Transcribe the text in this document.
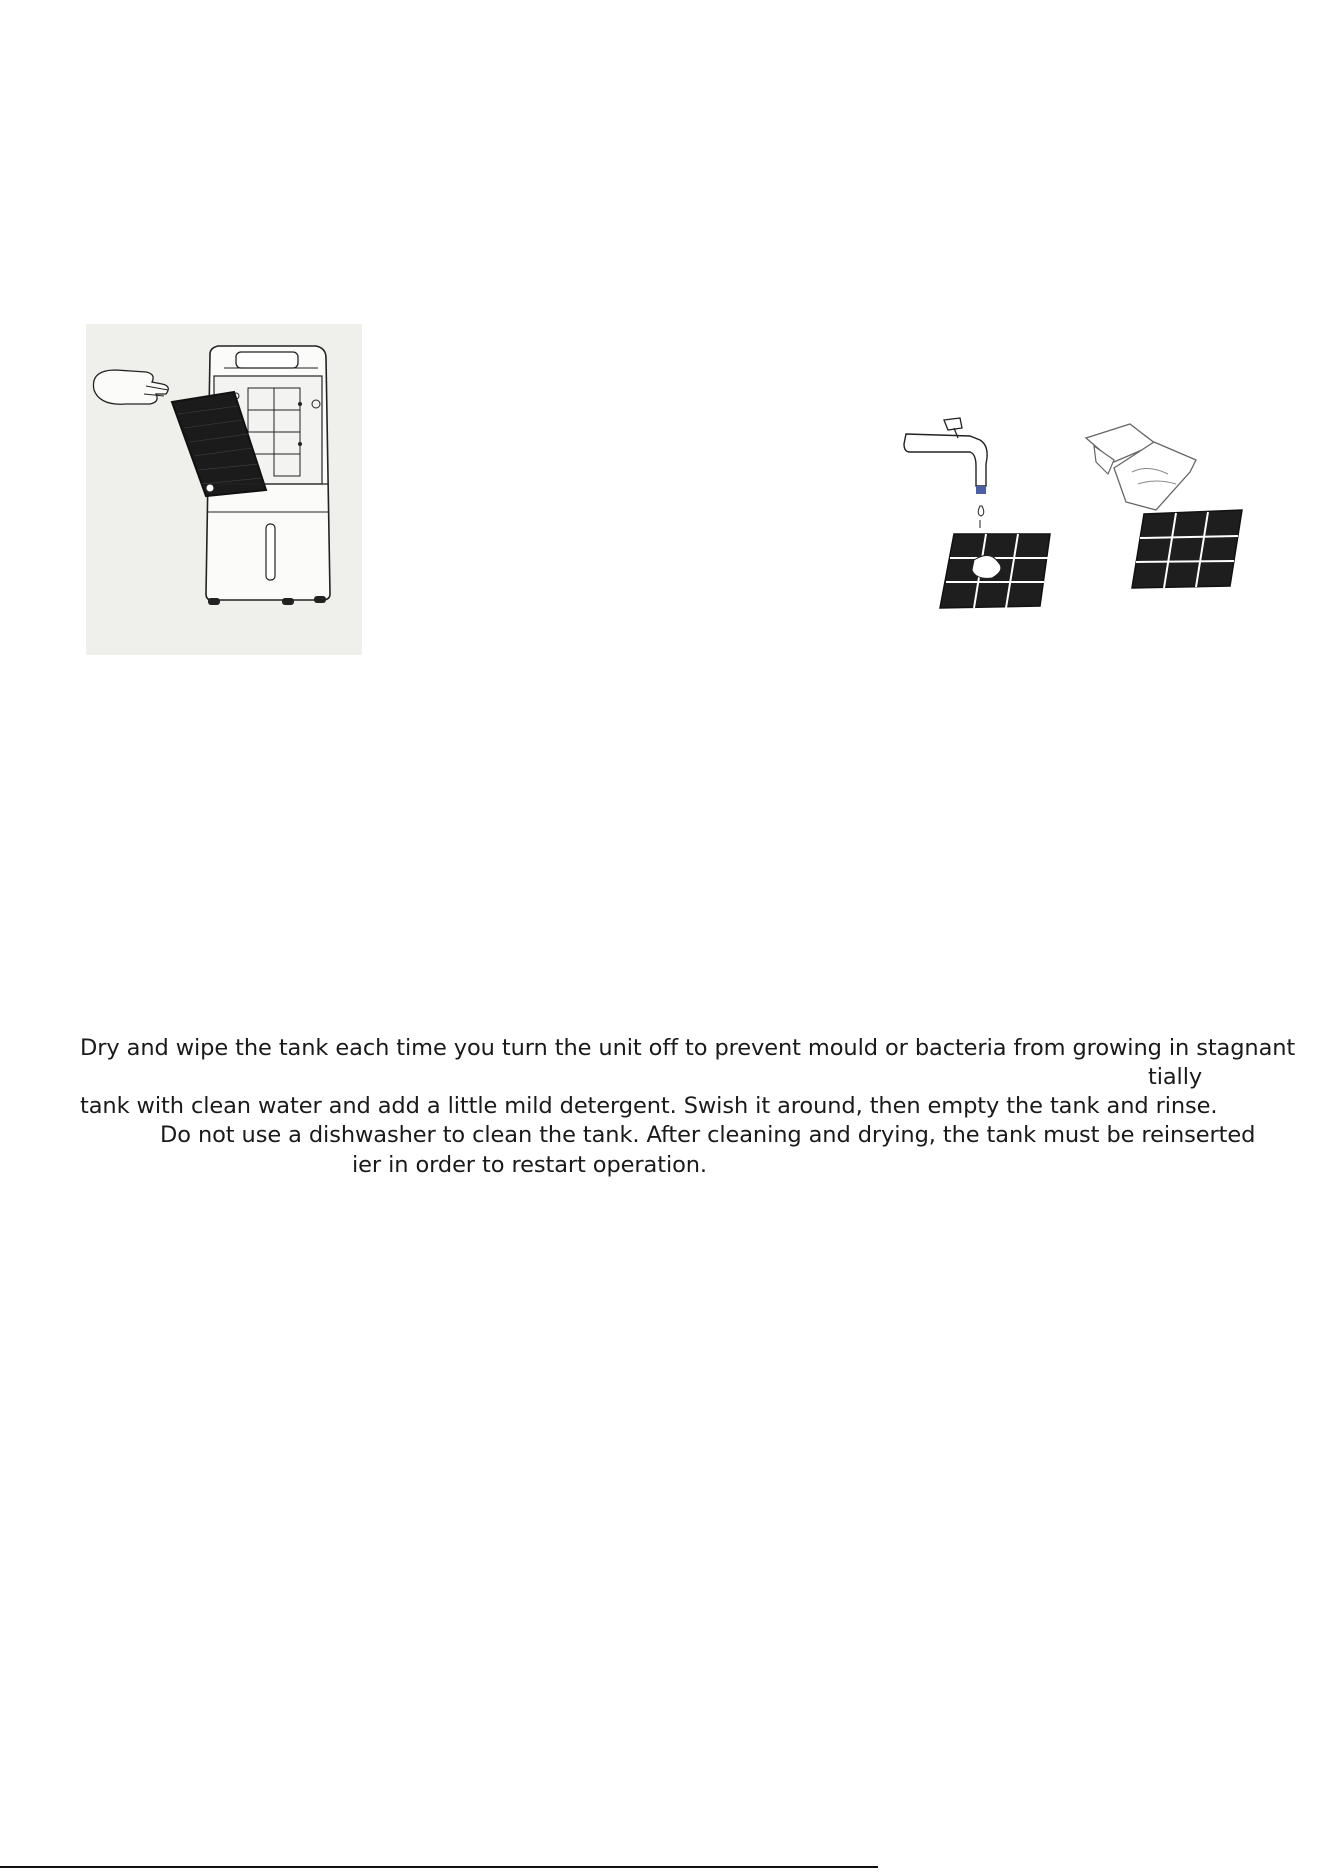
Dry and wipe the tank each time you turn the unit off to prevent mould or bacteria from growing in stagnant

tially

tank with clean water and add a little mild detergent. Swish it around, then empty the tank and rinse.

Do not use a dishwasher to clean the tank. After cleaning and drying, the tank must be reinserted

ier in order to restart operation.
